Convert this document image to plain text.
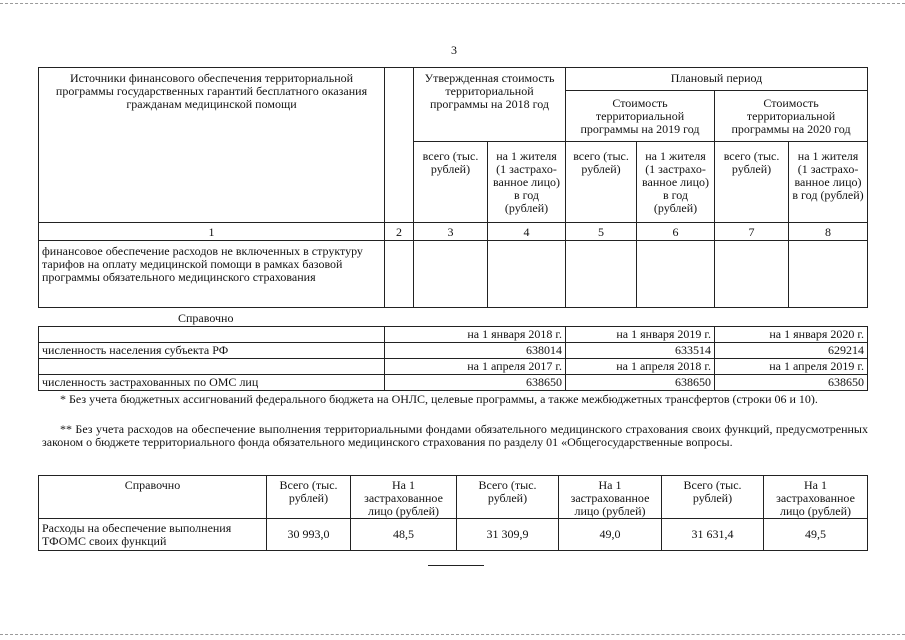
3
Источники финансового обеспечения территориальной программы государственных гарантий бесплатного оказания гражданам медицинской помощи		Утвержденная стоимость территориальной программы на 2018 год		Плановый период			
				Стоимость территориальной программы на 2019 год		Стоимость территориальной программы на 2020 год	
		всего (тыс. рублей)	на 1 жителя (1 застрахо-ванное лицо) в год (рублей)	всего (тыс. рублей)	на 1 жителя (1 застрахо-ванное лицо) в год (рублей)	всего (тыс. рублей)	на 1 жителя (1 застрахо-ванное лицо) в год (рублей)
1	2	3	4	5	6	7	8
финансовое обеспечение расходов не включенных в структуру тарифов на оплату медицинской помощи в рамках базовой программы обязательного медицинского страхования							
Справочно
	на 1 января 2018 г.	на 1 января 2019 г.	на 1 января 2020 г.
численность населения субъекта РФ	638014	633514	629214
	на 1 апреля 2017 г.	на 1 апреля 2018 г.	на 1 апреля 2019 г.
численность застрахованных по ОМС лиц	638650	638650	638650
* Без учета бюджетных ассигнований федерального бюджета на ОНЛС, целевые программы, а также межбюджетных трансфертов (строки 06 и 10).
** Без учета расходов на обеспечение выполнения территориальными фондами обязательного медицинского страхования своих функций, предусмотренных законом о бюджете территориального фонда обязательного медицинского страхования по разделу 01 «Общегосударственные вопросы.
Справочно	Всего (тыс. рублей)	На 1 застрахованное лицо (рублей)	Всего (тыс. рублей)	На 1 застрахованное лицо (рублей)	Всего (тыс. рублей)	На 1 застрахованное лицо (рублей)
Расходы на обеспечение выполнения ТФОМС своих функций	30 993,0	48,5	31 309,9	49,0	31 631,4	49,5
